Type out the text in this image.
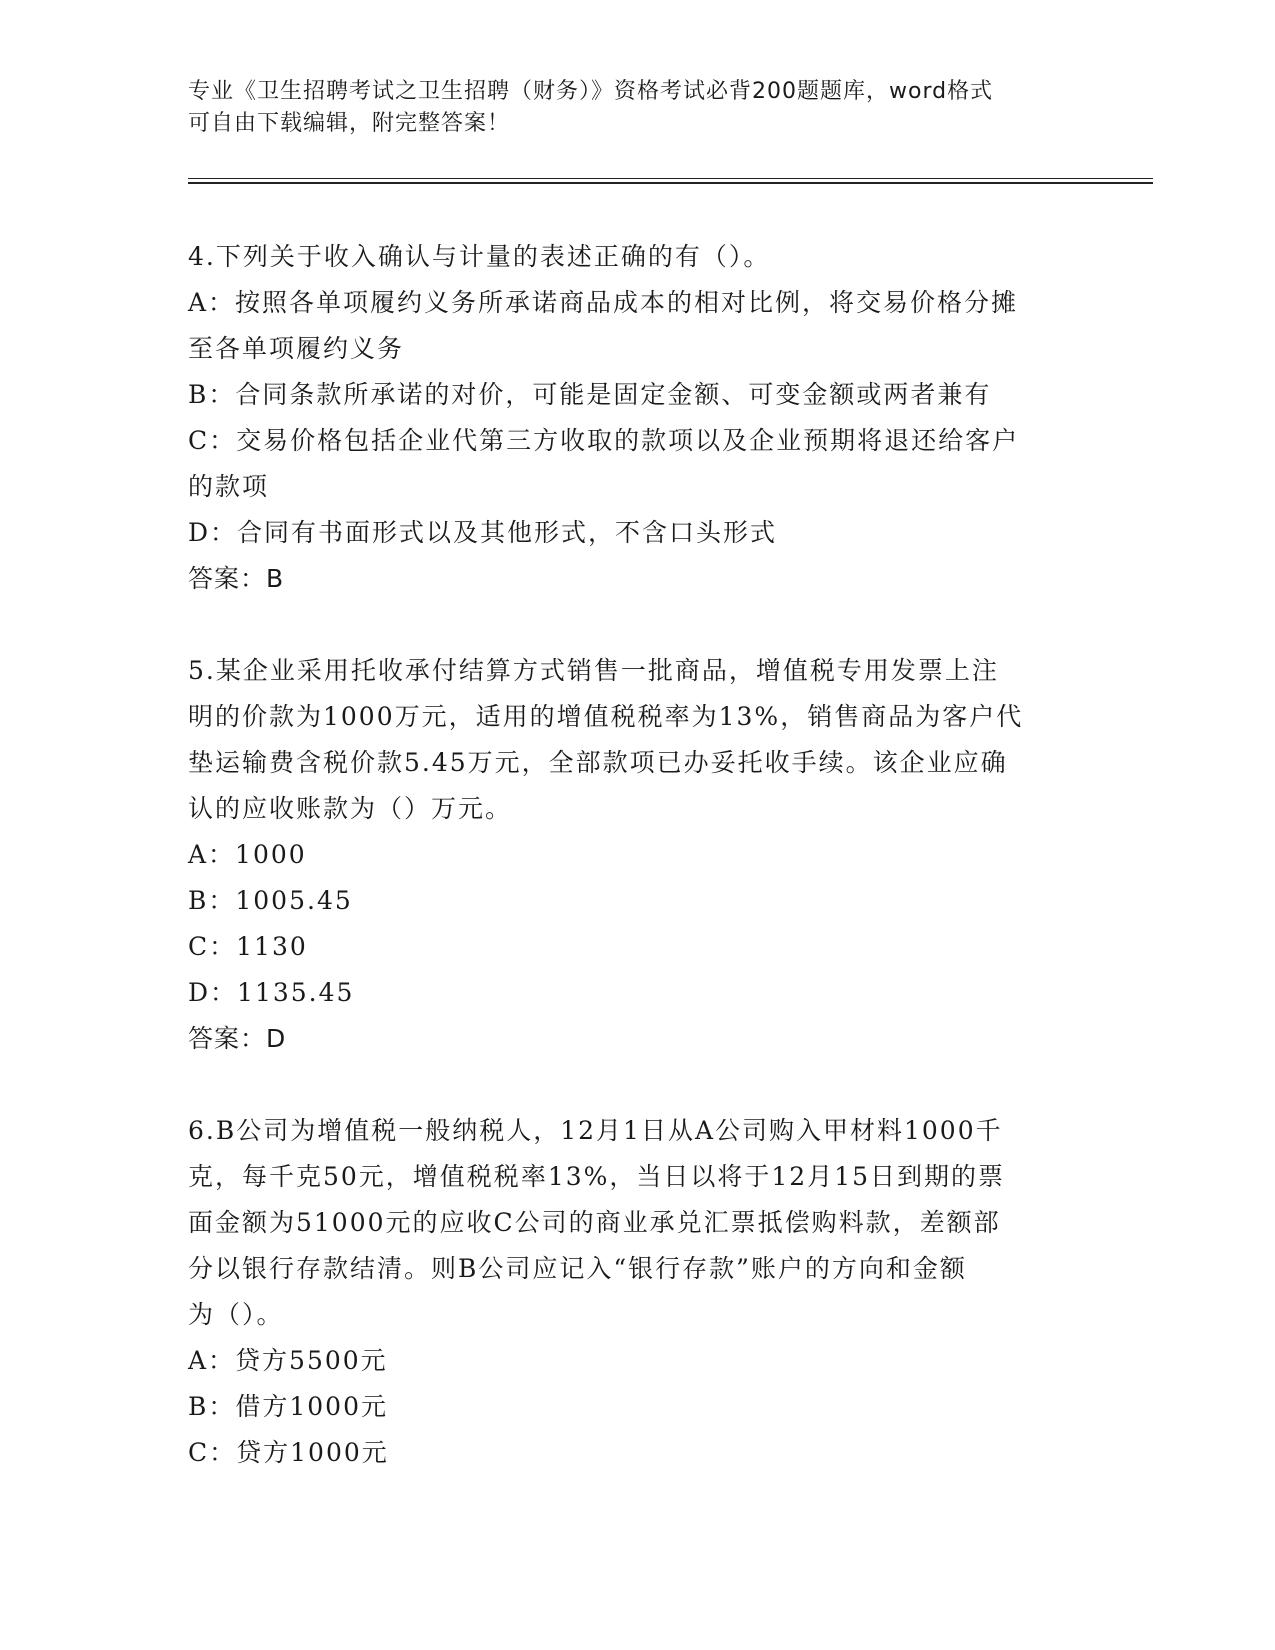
专业《卫生招聘考试之卫生招聘（财务）》资格考试必背200题题库，word格式
可自由下载编辑，附完整答案！
4.下列关于收入确认与计量的表述正确的有（）。
A：按照各单项履约义务所承诺商品成本的相对比例，将交易价格分摊
至各单项履约义务
B：合同条款所承诺的对价，可能是固定金额、可变金额或两者兼有
C：交易价格包括企业代第三方收取的款项以及企业预期将退还给客户
的款项
D：合同有书面形式以及其他形式，不含口头形式
答案：B
5.某企业采用托收承付结算方式销售一批商品，增值税专用发票上注
明的价款为1000万元，适用的增值税税率为13%，销售商品为客户代
垫运输费含税价款5.45万元，全部款项已办妥托收手续。该企业应确
认的应收账款为（）万元。
A：1000
B：1005.45
C：1130
D：1135.45
答案：D
6.B公司为增值税一般纳税人，12月1日从A公司购入甲材料1000千
克，每千克50元，增值税税率13%，当日以将于12月15日到期的票
面金额为51000元的应收C公司的商业承兑汇票抵偿购料款，差额部
分以银行存款结清。则B公司应记入“银行存款”账户的方向和金额
为（）。
A：贷方5500元
B：借方1000元
C：贷方1000元
